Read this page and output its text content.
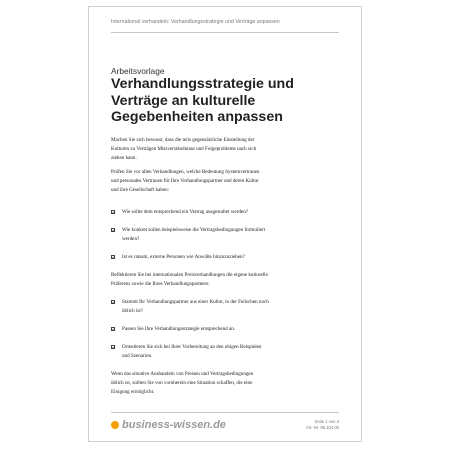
International verhandeln: Verhandlungsstrategie und Verträge anpassen
Arbeitsvorlage
Verhandlungsstrategie und
Verträge an kulturelle
Gegebenheiten anpassen
Machen Sie sich bewusst, dass die teils gegensätzliche Einstellung der
Kulturen zu Verträgen Missverständnisse und Folgeprobleme nach sich
ziehen kann.
Prüfen Sie vor allen Verhandlungen, welche Bedeutung Systemvertrauen
und personales Vertrauen für Ihre Verhandlungspartner und deren Kultur
und ihre Gesellschaft haben:
Wie sollte dem entsprechend ein Vertrag ausgestaltet werden?
Wie konkret sollen beispielsweise die Vertragsbedingungen formuliert
werden?
Ist es ratsam, externe Personen wie Anwälte hinzuzuziehen?
Reflektieren Sie bei internationalen Preisverhandlungen die eigene kulturelle
Präferenz sowie die Ihres Verhandlungspartners:
Stammt Ihr Verhandlungspartner aus einer Kultur, in der Feilschen noch
üblich ist?
Passen Sie Ihre Verhandlungsstrategie entsprechend an.
Orientieren Sie sich bei Ihrer Vorbereitung an den obigen Beispielen
und Szenarien.
Wenn das situative Aushandeln von Preisen und Vertragsbedingungen
üblich ist, sollten Sie von vornherein eine Situation schaffen, die eine
Einigung ermöglicht.
business-wissen.de	Seite 1 von 3
Art.-Nr. 99.104.00
